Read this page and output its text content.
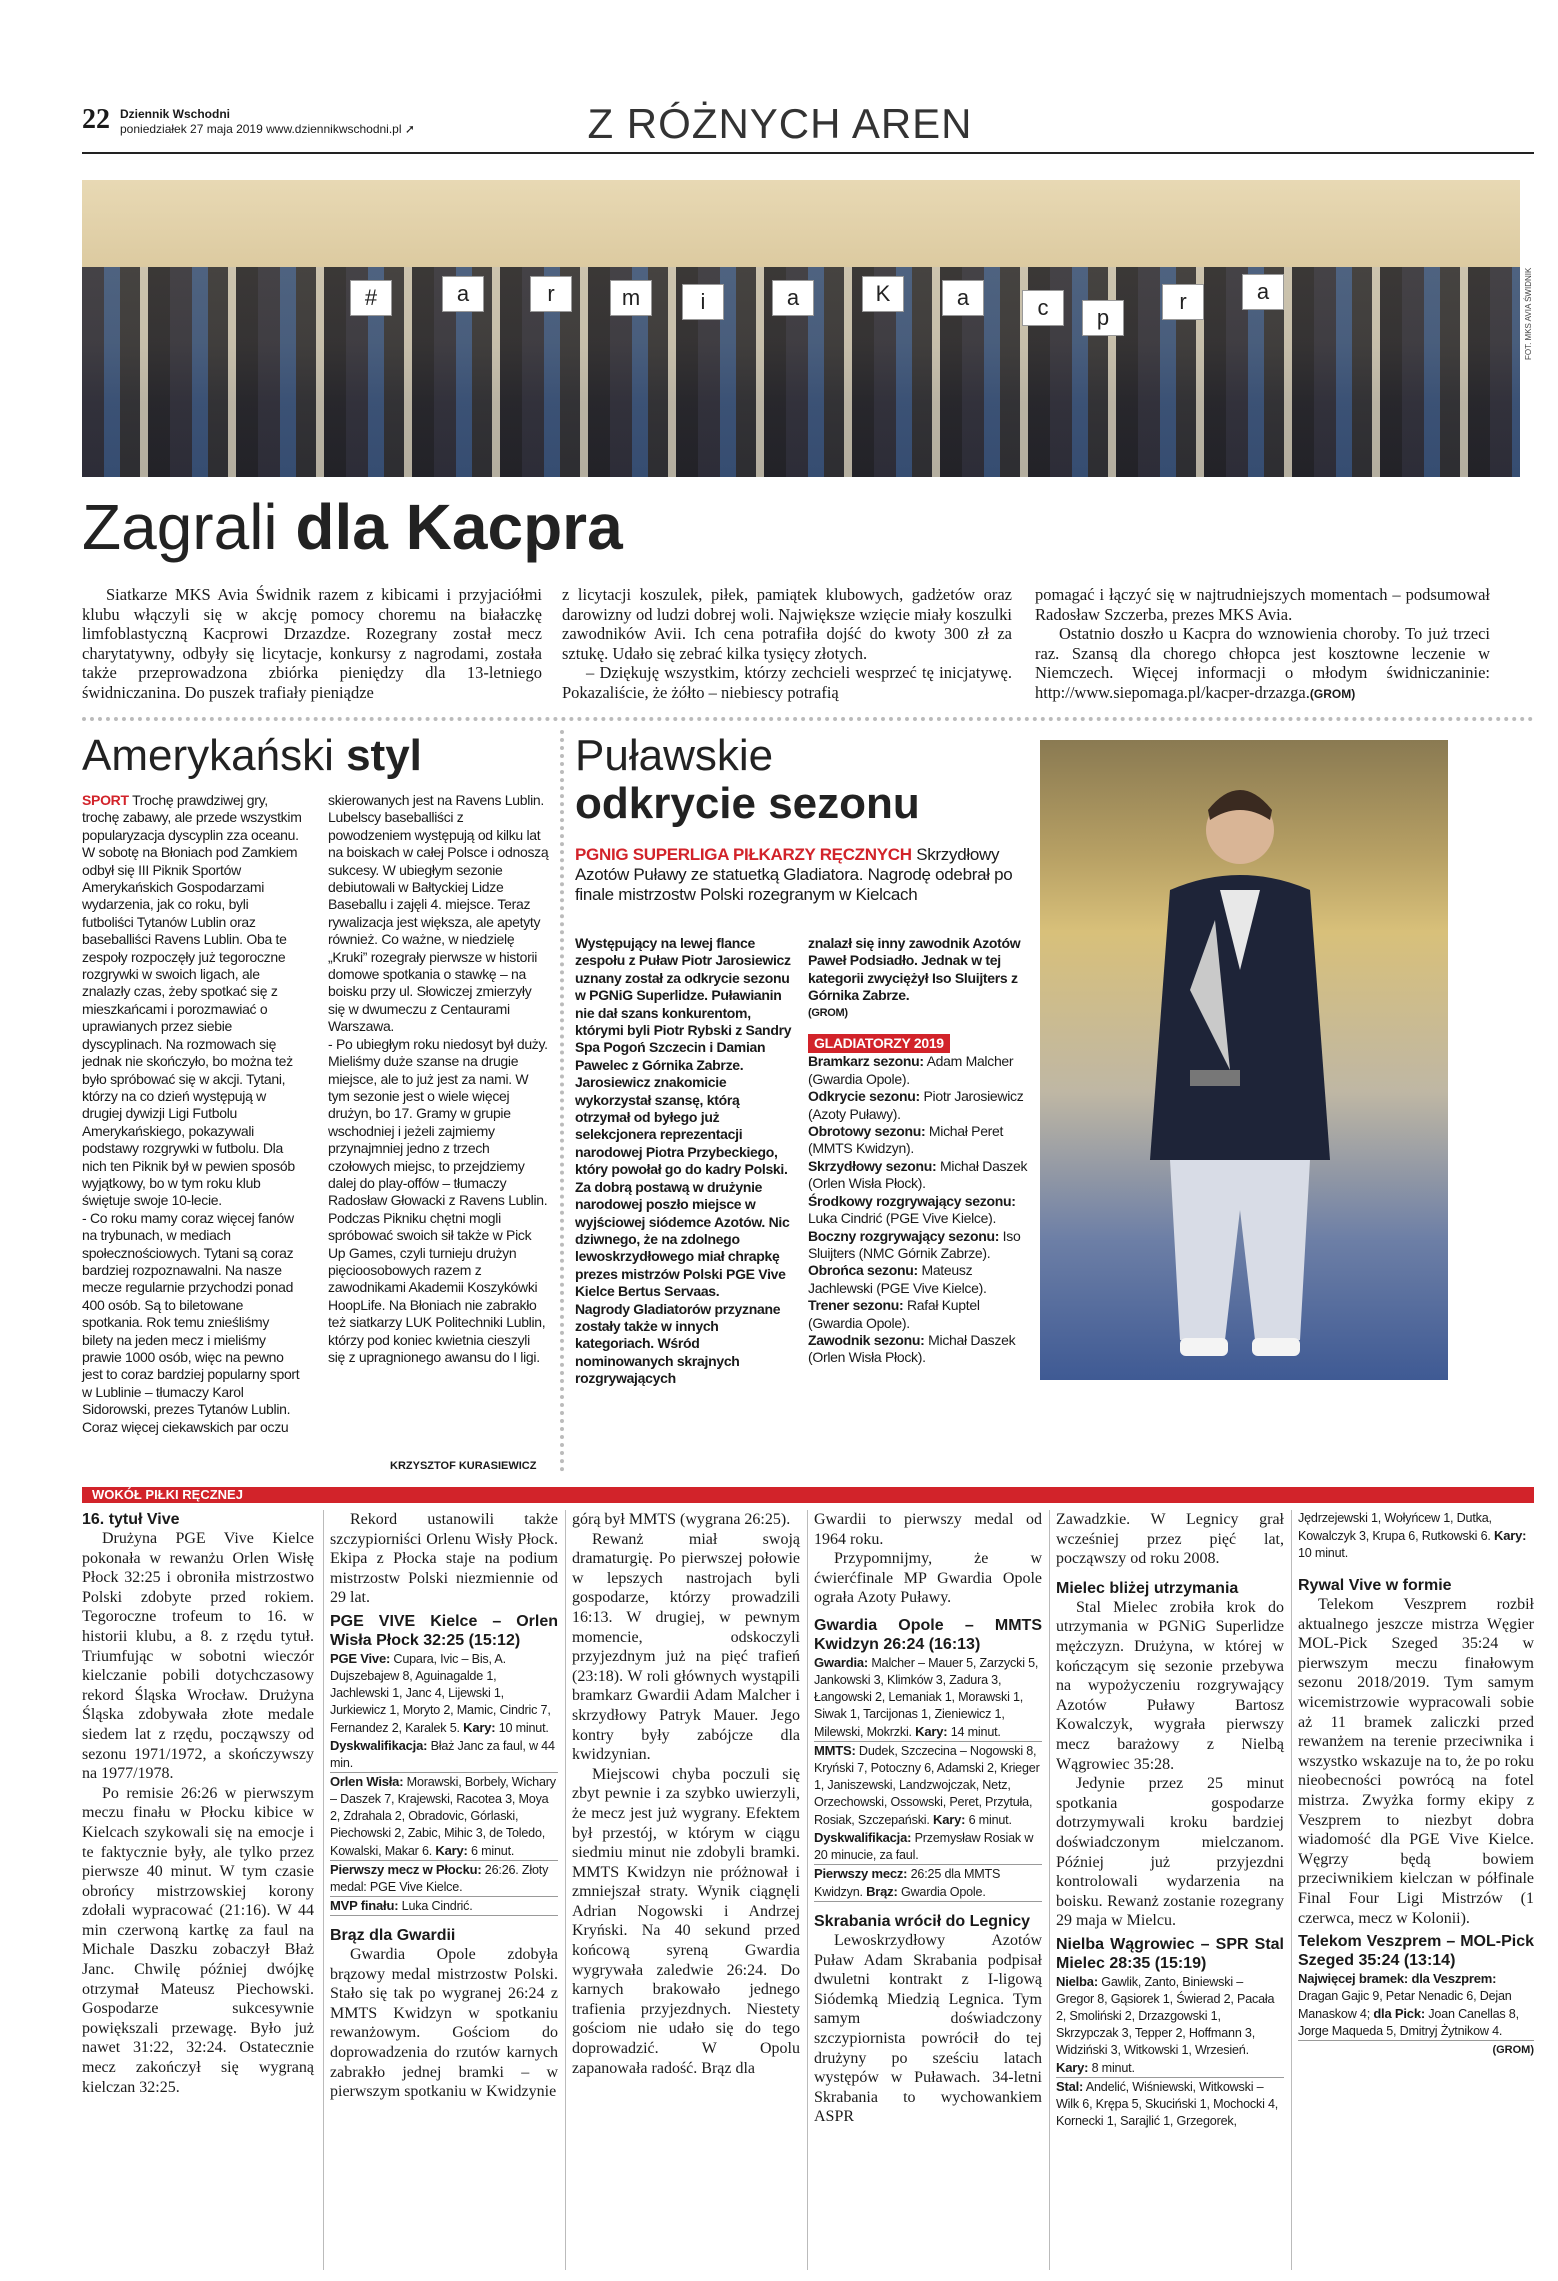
22 Dziennik Wschodni
poniedziałek 27 maja 2019 www.dziennikwschodni.pl ➚	Z RÓŻNYCH AREN
#	a	r	m	i	a	K	a	c	p
r	a	FOT. MKS AVIA ŚWIDNIK
Zagrali dla Kacpra
Siatkarze MKS Avia Świdnik razem z kibicami i przyjaciółmi klubu włączyli się w akcję pomocy choremu na białaczkę limfoblastyczną Kacprowi Drzazdze. Rozegrany został mecz charytatywny, odbyły się licytacje, konkursy z nagrodami, została także przeprowadzona zbiórka pieniędzy dla 13-letniego świdniczanina. Do puszek trafiały pieniądze
z licytacji koszulek, piłek, pamiątek klubowych, gadżetów oraz darowizny od ludzi dobrej woli. Największe wzięcie miały koszulki zawodników Avii. Ich cena potrafiła dojść do kwoty 300 zł za sztukę. Udało się zebrać kilka tysięcy złotych.
– Dziękuję wszystkim, którzy zechcieli wesprzeć tę inicjatywę. Pokazaliście, że żółto – niebiescy potrafią
pomagać i łączyć się w najtrudniejszych momentach – podsumował Radosław Szczerba, prezes MKS Avia.
Ostatnio doszło u Kacpra do wznowienia choroby. To już trzeci raz. Szansą dla chorego chłopca jest kosztowne leczenie w Niemczech. Więcej informacji o młodym świdniczaninie: http://www.siepomaga.pl/kacper-drzazga.(GROM)
Amerykański styl
SPORT Trochę prawdziwej gry, trochę zabawy, ale przede wszystkim popularyzacja dyscyplin zza oceanu. W sobotę na Błoniach pod Zamkiem odbył się III Piknik Sportów Amerykańskich Gospodarzami wydarzenia, jak co roku, byli futboliści Tytanów Lublin oraz baseballiści Ravens Lublin. Oba te zespoły rozpoczęły już tegoroczne rozgrywki w swoich ligach, ale znalazły czas, żeby spotkać się z mieszkańcami i porozmawiać o uprawianych przez siebie dyscyplinach. Na rozmowach się jednak nie skończyło, bo można też było spróbować się w akcji. Tytani, którzy na co dzień występują w drugiej dywizji Ligi Futbolu Amerykańskiego, pokazywali podstawy rozgrywki w futbolu. Dla nich ten Piknik był w pewien sposób wyjątkowy, bo w tym roku klub świętuje swoje 10-lecie.
- Co roku mamy coraz więcej fanów na trybunach, w mediach społecznościowych. Tytani są coraz bardziej rozpoznawalni. Na nasze mecze regularnie przychodzi ponad 400 osób. Są to biletowane spotkania. Rok temu znieśliśmy bilety na jeden mecz i mieliśmy prawie 1000 osób, więc na pewno jest to coraz bardziej popularny sport w Lublinie – tłumaczy Karol Sidorowski, prezes Tytanów Lublin. Coraz więcej ciekawskich par oczu
skierowanych jest na Ravens Lublin. Lubelscy baseballiści z powodzeniem występują od kilku lat na boiskach w całej Polsce i odnoszą sukcesy. W ubiegłym sezonie debiutowali w Bałtyckiej Lidze Baseballu i zajęli 4. miejsce. Teraz rywalizacja jest większa, ale apetyty również. Co ważne, w niedzielę „Kruki” rozegrały pierwsze w historii domowe spotkania o stawkę – na boisku przy ul. Słowiczej zmierzyły się w dwumeczu z Centaurami Warszawa.
- Po ubiegłym roku niedosyt był duży. Mieliśmy duże szanse na drugie miejsce, ale to już jest za nami. W tym sezonie jest o wiele więcej drużyn, bo 17. Gramy w grupie wschodniej i jeżeli zajmiemy przynajmniej jedno z trzech czołowych miejsc, to przejdziemy dalej do play-offów – tłumaczy Radosław Głowacki z Ravens Lublin.
Podczas Pikniku chętni mogli spróbować swoich sił także w Pick Up Games, czyli turnieju drużyn pięcioosobowych razem z zawodnikami Akademii Koszykówki HoopLife. Na Błoniach nie zabrakło też siatkarzy LUK Politechniki Lublin, którzy pod koniec kwietnia cieszyli się z upragnionego awansu do I ligi.
KRZYSZTOF KURASIEWICZ
Puławskie
odkrycie sezonu
PGNIG SUPERLIGA PIŁKARZY RĘCZNYCH Skrzydłowy Azotów Puławy ze statuetką Gladiatora. Nagrodę odebrał po finale mistrzostw Polski rozegranym w Kielcach
Występujący na lewej flance zespołu z Puław Piotr Jarosiewicz uznany został za odkrycie sezonu w PGNiG Superlidze. Puławianin nie dał szans konkurentom, którymi byli Piotr Rybski z Sandry Spa Pogoń Szczecin i Damian Pawelec z Górnika Zabrze. Jarosiewicz znakomicie wykorzystał szansę, którą otrzymał od byłego już selekcjonera reprezentacji narodowej Piotra Przybeckiego, który powołał go do kadry Polski. Za dobrą postawą w drużynie narodowej poszło miejsce w wyjściowej siódemce Azotów. Nic dziwnego, że na zdolnego lewoskrzydłowego miał chrapkę prezes mistrzów Polski PGE Vive Kielce Bertus Servaas.
Nagrody Gladiatorów przyznane zostały także w innych kategoriach. Wśród nominowanych skrajnych rozgrywających
znalazł się inny zawodnik Azotów Paweł Podsiadło. Jednak w tej kategorii zwyciężył Iso Sluijters z Górnika Zabrze.
(GROM)
GLADIATORZY 2019
Bramkarz sezonu: Adam Malcher (Gwardia Opole).
Odkrycie sezonu: Piotr Jarosiewicz (Azoty Puławy).
Obrotowy sezonu: Michał Peret (MMTS Kwidzyn).
Skrzydłowy sezonu: Michał Daszek (Orlen Wisła Płock).
Środkowy rozgrywający sezonu: Luka Cindrić (PGE Vive Kielce).
Boczny rozgrywający sezonu: Iso Sluijters (NMC Górnik Zabrze).
Obrońca sezonu: Mateusz Jachlewski (PGE Vive Kielce).
Trener sezonu: Rafał Kuptel (Gwardia Opole).
Zawodnik sezonu: Michał Daszek (Orlen Wisła Płock).
WOKÓŁ PIŁKI RĘCZNEJ
16. tytuł Vive
Drużyna PGE Vive Kielce pokonała w rewanżu Orlen Wisłę Płock 32:25 i obroniła mistrzostwo Polski zdobyte przed rokiem. Tegoroczne trofeum to 16. w historii klubu, a 8. z rzędu tytuł. Triumfując w sobotni wieczór kielczanie pobili dotychczasowy rekord Śląska Wrocław. Drużyna Śląska zdobywała złote medale siedem lat z rzędu, począwszy od sezonu 1971/1972, a skończywszy na 1977/1978.
Po remisie 26:26 w pierwszym meczu finału w Płocku kibice w Kielcach szykowali się na emocje i te faktycznie były, ale tylko przez pierwsze 40 minut. W tym czasie obrońcy mistrzowskiej korony zdołali wypracować (21:16). W 44 min czerwoną kartkę za faul na Michale Daszku zobaczył Błaż Janc. Chwilę później dwójkę otrzymał Mateusz Piechowski. Gospodarze sukcesywnie powiększali przewagę. Było już nawet 31:22, 32:24. Ostatecznie mecz zakończył się wygraną kielczan 32:25.
Rekord ustanowili także szczypiorniści Orlenu Wisły Płock. Ekipa z Płocka staje na podium mistrzostw Polski niezmiennie od 29 lat.
PGE VIVE Kielce – Orlen Wisła Płock 32:25 (15:12)
PGE Vive: Cupara, Ivic – Bis, A. Dujszebajew 8, Aguinagalde 1, Jachlewski 1, Janc 4, Lijewski 1, Jurkiewicz 1, Moryto 2, Mamic, Cindric 7, Fernandez 2, Karalek 5. Kary: 10 minut. Dyskwalifikacja: Błaż Janc za faul, w 44 min.
Orlen Wisła: Morawski, Borbely, Wichary – Daszek 7, Krajewski, Racotea 3, Moya 2, Zdrahala 2, Obradovic, Górlaski, Piechowski 2, Zabic, Mihic 3, de Toledo, Kowalski, Makar 6. Kary: 6 minut.
Pierwszy mecz w Płocku: 26:26. Złoty medal: PGE Vive Kielce.
MVP finału: Luka Cindrić.
Brąz dla Gwardii
Gwardia Opole zdobyła brązowy medal mistrzostw Polski. Stało się tak po wygranej 26:24 z MMTS Kwidzyn w spotkaniu rewanżowym. Gościom do doprowadzenia do rzutów karnych zabrakło jednej bramki – w pierwszym spotkaniu w Kwidzynie
górą był MMTS (wygrana 26:25).
Rewanż miał swoją dramaturgię. Po pierwszej połowie w lepszych nastrojach byli gospodarze, którzy prowadzili 16:13. W drugiej, w pewnym momencie, odskoczyli przyjezdnym już na pięć trafień (23:18). W roli głównych wystąpili bramkarz Gwardii Adam Malcher i skrzydłowy Patryk Mauer. Jego kontry były zabójcze dla kwidzynian.
Miejscowi chyba poczuli się zbyt pewnie i za szybko uwierzyli, że mecz jest już wygrany. Efektem był przestój, w którym w ciągu siedmiu minut nie zdobyli bramki. MMTS Kwidzyn nie próżnował i zmniejszał straty. Wynik ciągnęli Adrian Nogowski i Andrzej Kryński. Na 40 sekund przed końcową syreną Gwardia wygrywała zaledwie 26:24. Do karnych brakowało jednego trafienia przyjezdnych. Niestety gościom nie udało się do tego doprowadzić. W Opolu zapanowała radość. Brąz dla
Gwardii to pierwszy medal od 1964 roku.
Przypomnijmy, że w ćwierćfinale MP Gwardia Opole ograła Azoty Puławy.
Gwardia Opole – MMTS Kwidzyn 26:24 (16:13)
Gwardia: Malcher – Mauer 5, Zarzycki 5, Jankowski 3, Klimków 3, Zadura 3, Łangowski 2, Lemaniak 1, Morawski 1, Siwak 1, Tarcijonas 1, Zieniewicz 1, Milewski, Mokrzki. Kary: 14 minut.
MMTS: Dudek, Szczecina – Nogowski 8, Kryński 7, Potoczny 6, Adamski 2, Krieger 1, Janiszewski, Landzwojczak, Netz, Orzechowski, Ossowski, Peret, Przytuła, Rosiak, Szczepański. Kary: 6 minut. Dyskwalifikacja: Przemysław Rosiak w 20 minucie, za faul.
Pierwszy mecz: 26:25 dla MMTS Kwidzyn. Brąz: Gwardia Opole.
Skrabania wrócił do Legnicy
Lewoskrzydłowy Azotów Puław Adam Skrabania podpisał dwuletni kontrakt z I-ligową Siódemką Miedzią Legnica. Tym samym doświadczony szczypiornista powrócił do tej drużyny po sześciu latach występów w Puławach. 34-letni Skrabania to wychowankiem ASPR
Zawadzkie. W Legnicy grał wcześniej przez pięć lat, począwszy od roku 2008.
Mielec bliżej utrzymania
Stal Mielec zrobiła krok do utrzymania w PGNiG Superlidze mężczyzn. Drużyna, w której w kończącym się sezonie przebywa na wypożyczeniu rozgrywający Azotów Puławy Bartosz Kowalczyk, wygrała pierwszy mecz barażowy z Nielbą Wągrowiec 35:28.
Jedynie przez 25 minut spotkania gospodarze dotrzymywali kroku bardziej doświadczonym mielczanom. Później już przyjezdni kontrolowali wydarzenia na boisku. Rewanż zostanie rozegrany 29 maja w Mielcu.
Nielba Wągrowiec – SPR Stal Mielec 28:35 (15:19)
Nielba: Gawlik, Zanto, Biniewski – Gregor 8, Gąsiorek 1, Świerad 2, Pacała 2, Smoliński 2, Drzazgowski 1, Skrzypczak 3, Tepper 2, Hoffmann 3, Widziński 3, Witkowski 1, Wrzesień. Kary: 8 minut.
Stal: Andelić, Wiśniewski, Witkowski – Wilk 6, Krępa 5, Skuciński 1, Mochocki 4, Kornecki 1, Sarajlić 1, Grzegorek,
Jędrzejewski 1, Wołyńcew 1, Dutka, Kowalczyk 3, Krupa 6, Rutkowski 6. Kary: 10 minut.
Rywal Vive w formie
Telekom Veszprem rozbił aktualnego jeszcze mistrza Węgier MOL-Pick Szeged 35:24 w pierwszym meczu finałowym sezonu 2018/2019. Tym samym wicemistrzowie wypracowali sobie aż 11 bramek zaliczki przed rewanżem na terenie przeciwnika i wszystko wskazuje na to, że po roku nieobecności powrócą na fotel mistrza. Zwyżka formy ekipy z Veszprem to niezbyt dobra wiadomość dla PGE Vive Kielce. Węgrzy będą bowiem przeciwnikiem kielczan w półfinale Final Four Ligi Mistrzów (1 czerwca, mecz w Kolonii).
Telekom Veszprem – MOL-Pick Szeged 35:24 (13:14)
Najwięcej bramek: dla Veszprem: Dragan Gajic 9, Petar Nenadic 6, Dejan Manaskow 4; dla Pick: Joan Canellas 8, Jorge Maqueda 5, Dmitryj Żytnikow 4.
(GROM)
